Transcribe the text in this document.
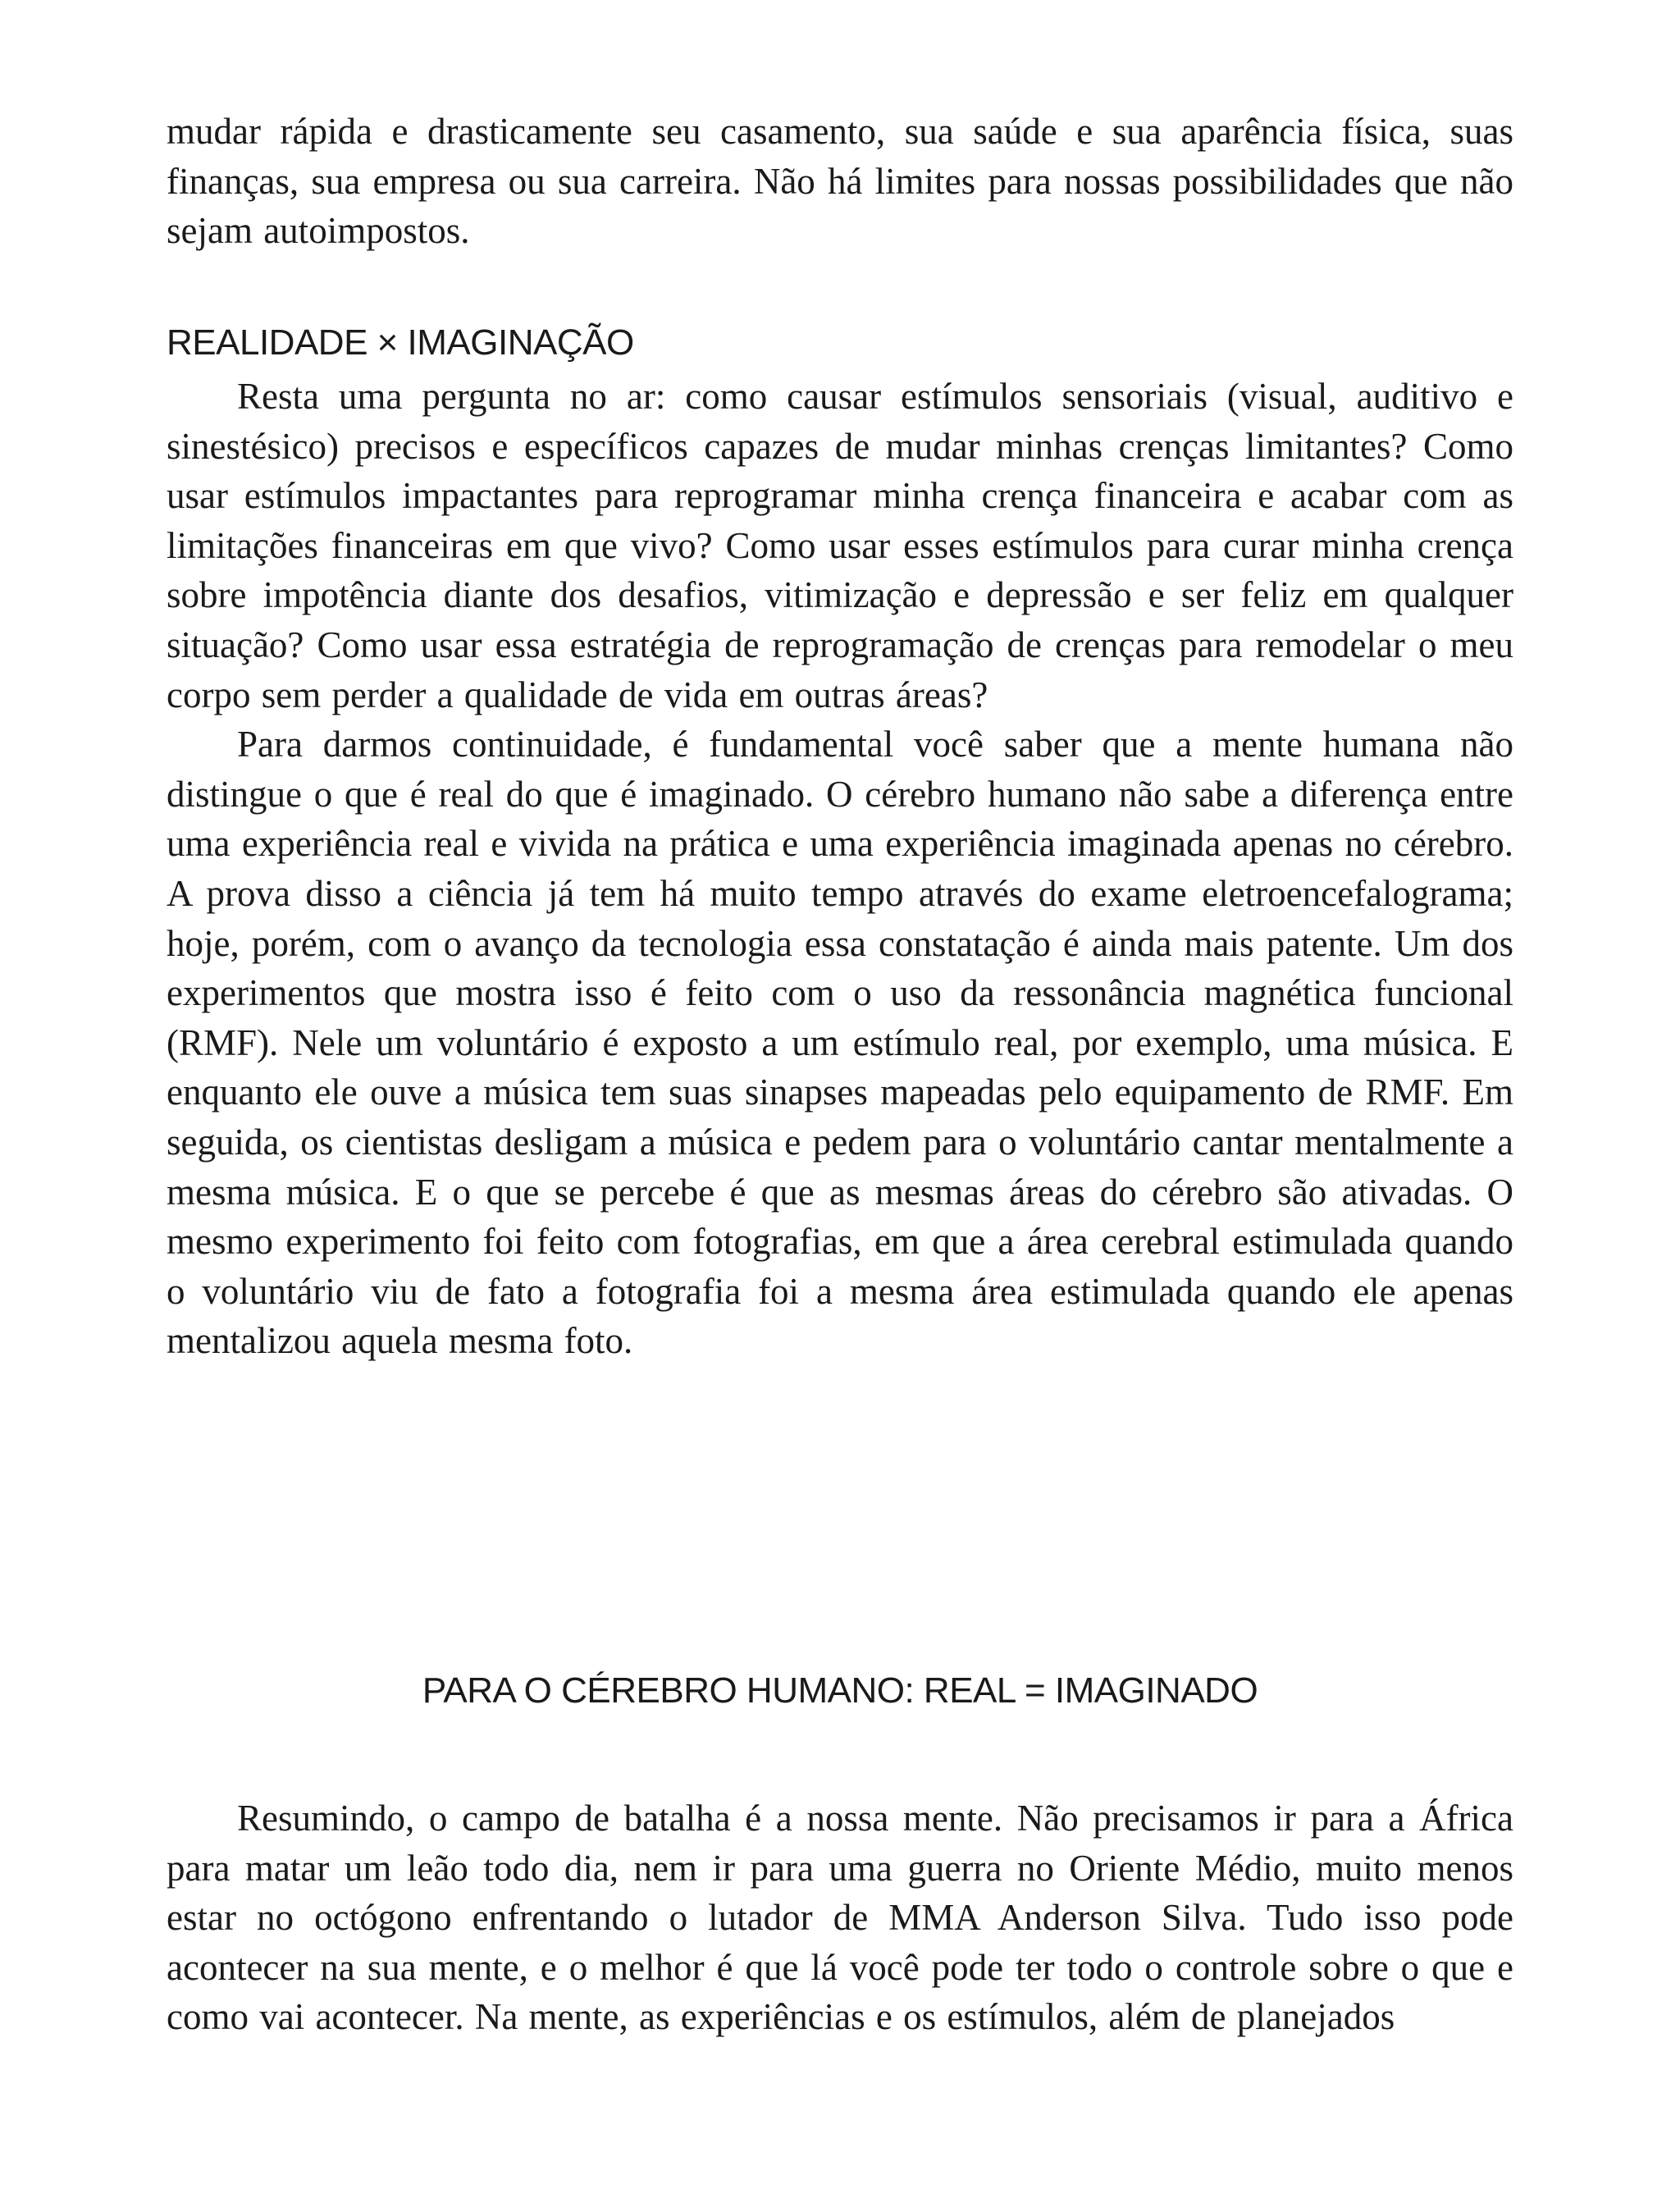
mudar rápida e drasticamente seu casamento, sua saúde e sua aparência física, suas finanças, sua empresa ou sua carreira. Não há limites para nossas possibilidades que não sejam autoimpostos.

REALIDADE × IMAGINAÇÃO

Resta uma pergunta no ar: como causar estímulos sensoriais (visual, auditivo e sinestésico) precisos e específicos capazes de mudar minhas crenças limitantes? Como usar estímulos impactantes para reprogramar minha crença financeira e acabar com as limitações financeiras em que vivo? Como usar esses estímulos para curar minha crença sobre impotência diante dos desafios, vitimização e depressão e ser feliz em qualquer situação? Como usar essa estratégia de reprogramação de crenças para remodelar o meu corpo sem perder a qualidade de vida em outras áreas?

Para darmos continuidade, é fundamental você saber que a mente humana não distingue o que é real do que é imaginado. O cérebro humano não sabe a diferença entre uma experiência real e vivida na prática e uma experiência imaginada apenas no cérebro. A prova disso a ciência já tem há muito tempo através do exame eletroencefalograma; hoje, porém, com o avanço da tecnologia essa constatação é ainda mais patente. Um dos experimentos que mostra isso é feito com o uso da ressonância magnética funcional (RMF). Nele um voluntário é exposto a um estímulo real, por exemplo, uma música. E enquanto ele ouve a música tem suas sinapses mapeadas pelo equipamento de RMF. Em seguida, os cientistas desligam a música e pedem para o voluntário cantar mentalmente a mesma música. E o que se percebe é que as mesmas áreas do cérebro são ativadas. O mesmo experimento foi feito com fotografias, em que a área cerebral estimulada quando o voluntário viu de fato a fotografia foi a mesma área estimulada quando ele apenas mentalizou aquela mesma foto.

PARA O CÉREBRO HUMANO: REAL = IMAGINADO

Resumindo, o campo de batalha é a nossa mente. Não precisamos ir para a África para matar um leão todo dia, nem ir para uma guerra no Oriente Médio, muito menos estar no octógono enfrentando o lutador de MMA Anderson Silva. Tudo isso pode acontecer na sua mente, e o melhor é que lá você pode ter todo o controle sobre o que e como vai acontecer. Na mente, as experiências e os estímulos, além de planejados
